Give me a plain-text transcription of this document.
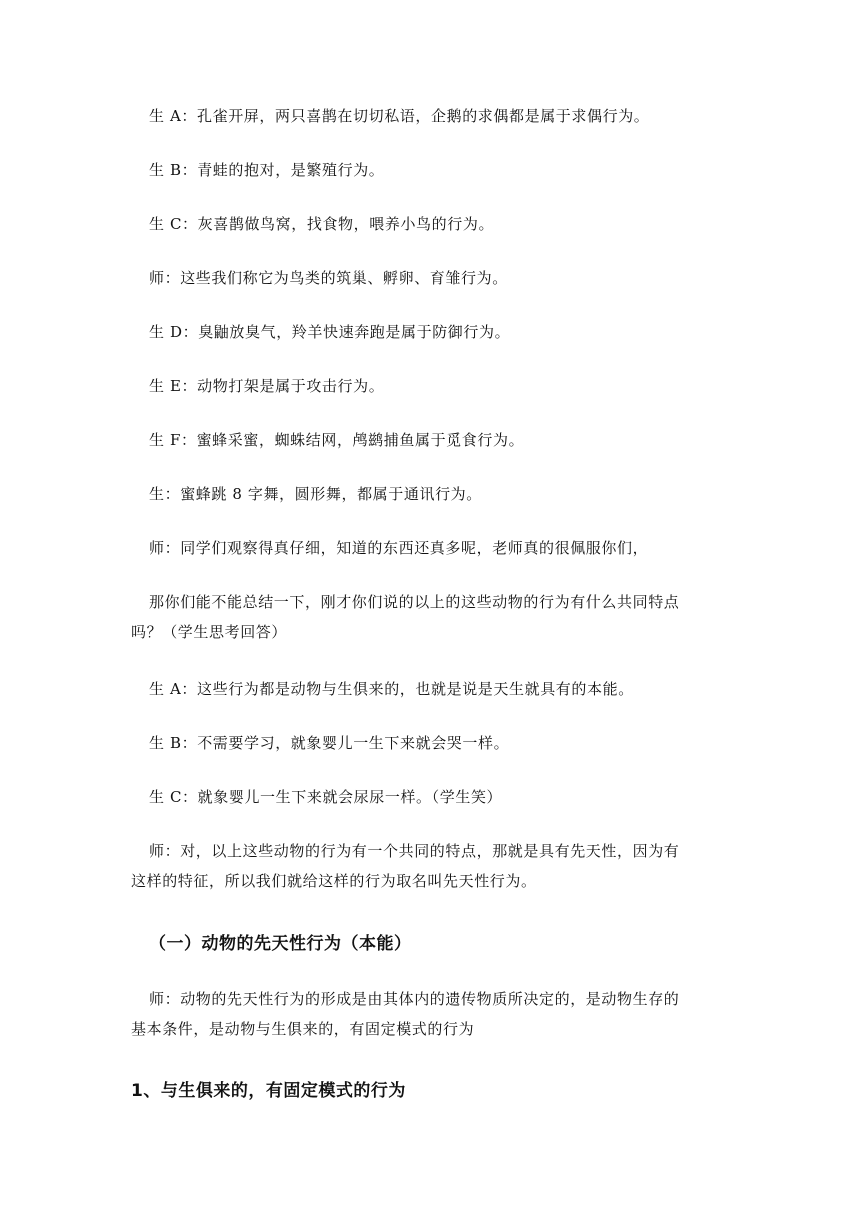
生 A：孔雀开屏，两只喜鹊在切切私语，企鹅的求偶都是属于求偶行为。
生 B：青蛙的抱对，是繁殖行为。
生 C：灰喜鹊做鸟窝，找食物，喂养小鸟的行为。
师：这些我们称它为鸟类的筑巢、孵卵、育雏行为。
生 D：臭鼬放臭气，羚羊快速奔跑是属于防御行为。
生 E：动物打架是属于攻击行为。
生 F：蜜蜂采蜜，蜘蛛结网，鸬鹚捕鱼属于觅食行为。
生：蜜蜂跳 8 字舞，圆形舞，都属于通讯行为。
师：同学们观察得真仔细，知道的东西还真多呢，老师真的很佩服你们，
那你们能不能总结一下，刚才你们说的以上的这些动物的行为有什么共同特点
吗？（学生思考回答）
生 A：这些行为都是动物与生俱来的，也就是说是天生就具有的本能。
生 B：不需要学习，就象婴儿一生下来就会哭一样。
生 C：就象婴儿一生下来就会尿尿一样。（学生笑）
师：对，以上这些动物的行为有一个共同的特点，那就是具有先天性，因为有
这样的特征，所以我们就给这样的行为取名叫先天性行为。
（一）动物的先天性行为（本能）
师：动物的先天性行为的形成是由其体内的遗传物质所决定的，是动物生存的
基本条件，是动物与生俱来的，有固定模式的行为
1、与生俱来的，有固定模式的行为
